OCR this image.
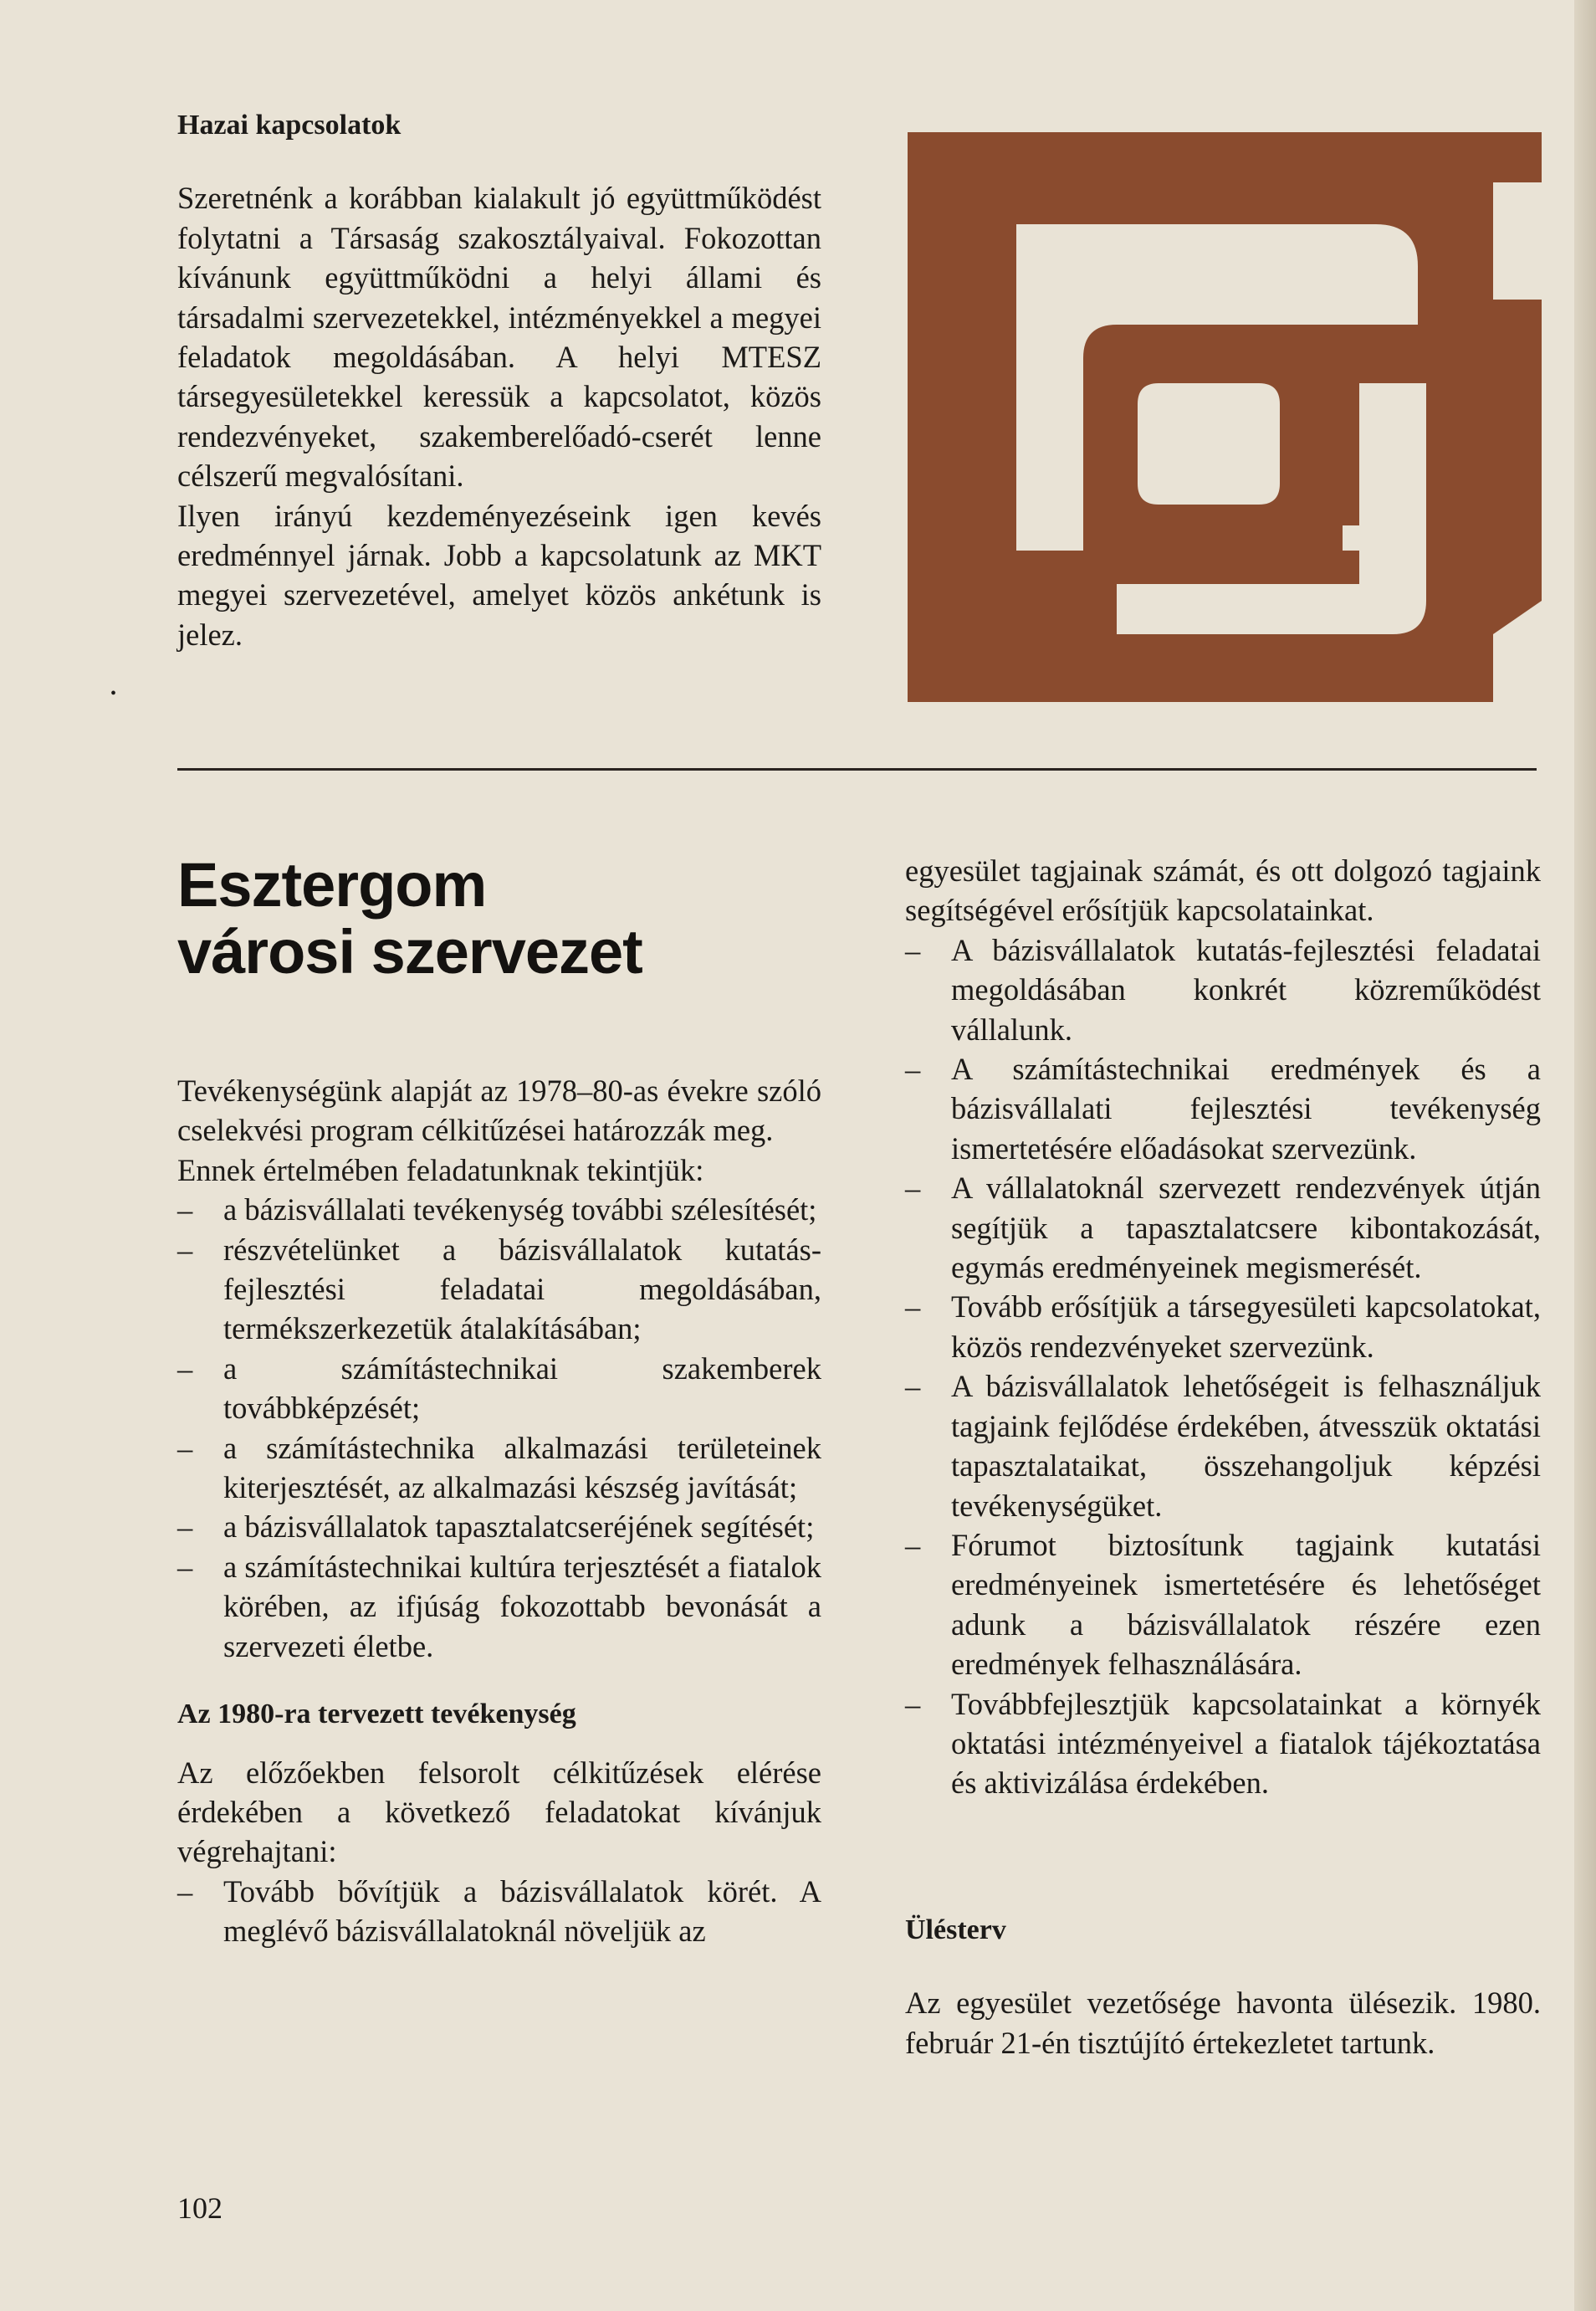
Hazai kapcsolatok

Szeretnénk a korábban kialakult jó együttműködést folytatni a Társaság szakosztályaival. Fokozottan kívánunk együttműködni a helyi állami és társadalmi szervezetekkel, intézményekkel a megyei feladatok megoldásában. A helyi MTESZ társegyesületekkel keressük a kapcsolatot, közös rendezvényeket, szakemberelőadó-cserét lenne célszerű megvalósítani.

Ilyen irányú kezdeményezéseink igen kevés eredménnyel járnak. Jobb a kapcsolatunk az MKT megyei szervezetével, amelyet közös ankétunk is jelez.

•
Esztergom
városi szervezet

Tevékenységünk alapját az 1978–80-as évekre szóló cselekvési program célkitűzései határozzák meg.

Ennek értelmében feladatunknak tekintjük:

– a bázisvállalati tevékenység további szélesítését;
– részvételünket a bázisvállalatok kutatás-fejlesztési feladatai megoldásában, termékszerkezetük átalakításában;
– a számítástechnikai szakemberek továbbképzését;
– a számítástechnika alkalmazási területeinek kiterjesztését, az alkalmazási készség javítását;
– a bázisvállalatok tapasztalatcseréjének segítését;
– a számítástechnikai kultúra terjesztését a fiatalok körében, az ifjúság fokozottabb bevonását a szervezeti életbe.
Az 1980-ra tervezett tevékenység

Az előzőekben felsorolt célkitűzések elérése érdekében a következő feladatokat kívánjuk végrehajtani:

– Tovább bővítjük a bázisvállalatok körét. A meglévő bázisvállalatoknál növeljük az

egyesület tagjainak számát, és ott dolgozó tagjaink segítségével erősítjük kapcsolatainkat.

– A bázisvállalatok kutatás-fejlesztési feladatai megoldásában konkrét közreműködést vállalunk.
– A számítástechnikai eredmények és a bázisvállalati fejlesztési tevékenység ismertetésére előadásokat szervezünk.
– A vállalatoknál szervezett rendezvények útján segítjük a tapasztalatcsere kibontakozását, egymás eredményeinek megismerését.
– Tovább erősítjük a társegyesületi kapcsolatokat, közös rendezvényeket szervezünk.
– A bázisvállalatok lehetőségeit is felhasználjuk tagjaink fejlődése érdekében, átvesszük oktatási tapasztalataikat, összehangoljuk képzési tevékenységüket.
– Fórumot biztosítunk tagjaink kutatási eredményeinek ismertetésére és lehetőséget adunk a bázisvállalatok részére ezen eredmények felhasználására.
– Továbbfejlesztjük kapcsolatainkat a környék oktatási intézményeivel a fiatalok tájékoztatása és aktivizálása érdekében.
Ülésterv

Az egyesület vezetősége havonta ülésezik. 1980. február 21-én tisztújító értekezletet tartunk.

102
